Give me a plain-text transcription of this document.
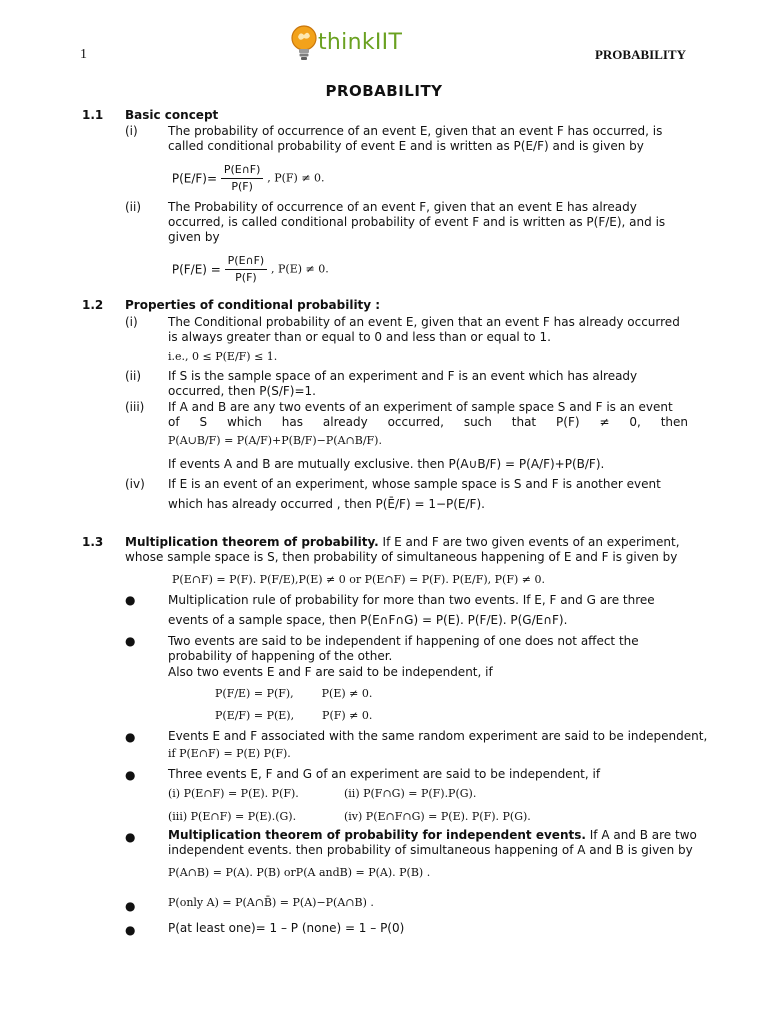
1	thinkIIT	PROBABILITY
PROBABILITY
1.1 Basic concept
(i)	The probability of occurrence of an event E, given that an event F has occurred, is
called conditional probability of event E and is written as P(E/F) and is given by
$P(E/F)= \frac{P(E\cap F)}{P(F)}$ , P(F) ≠ 0.
(ii) The Probability of occurrence of an event F, given that an event E has already
occurred, is called conditional probability of event F and is written as P(F/E), and is
given by
$P(F/E) = \frac{P(E\cap F)}{P(F)}$ , P(E) ≠ 0.
1.2 Properties of conditional probability :
(i)	The Conditional probability of an event E, given that an event F has already occurred
is always greater than or equal to 0 and less than or equal to 1.
i.e., 0 ≤ P(E/F) ≤ 1.
(ii) If S is the sample space of an experiment and F is an event which has already
occurred, then P(S/F)=1.
(iii) If A and B are any two events of an experiment of sample space S and F is an event
of S which has already occurred, such that P(F) ≠ 0, then
P(A∪B/F) = P(A/F)+P(B/F)−P(A∩B/F).
If events A and B are mutually exclusive. then P(A∪B/F) = P(A/F)+P(B/F).
(iv) If E is an event of an experiment, whose sample space is S and F is another event
which has already occurred , then P(Ē/F) = 1−P(E/F).
1.3 Multiplication theorem of probability. If E and F are two given events of an experiment,
whose sample space is S, then probability of simultaneous happening of E and F is given by
P(E∩F) = P(F). P(F/E),P(E) ≠ 0 or P(E∩F) = P(F). P(E/F), P(F) ≠ 0.
●	Multiplication rule of probability for more than two events. If E, F and G are three
events of a sample space, then P(E∩F∩G) = P(E). P(F/E). P(G/E∩F).
●	Two events are said to be independent if happening of one does not affect the
probability of happening of the other.
Also two events E and F are said to be independent, if
P(F/E) = P(F),        P(E) ≠ 0.
P(E/F) = P(E),        P(F) ≠ 0.
●	Events E and F associated with the same random experiment are said to be independent,
if P(E∩F) = P(E) P(F).
●	Three events E, F and G of an experiment are said to be independent, if
(i) P(E∩F) = P(E). P(F).	(ii) P(F∩G) = P(F).P(G).
(iii) P(E∩F) = P(E).(G).	(iv) P(E∩F∩G) = P(E). P(F). P(G).
●	Multiplication theorem of probability for independent events. If A and B are two
independent events. then probability of simultaneous happening of A and B is given by
P(A∩B) = P(A). P(B) orP(A andB) = P(A). P(B) .
●	P(only A) = P(A∩B̄) = P(A)−P(A∩B) .
●	P(at least one)= 1 – P (none) = 1 – P(0)
